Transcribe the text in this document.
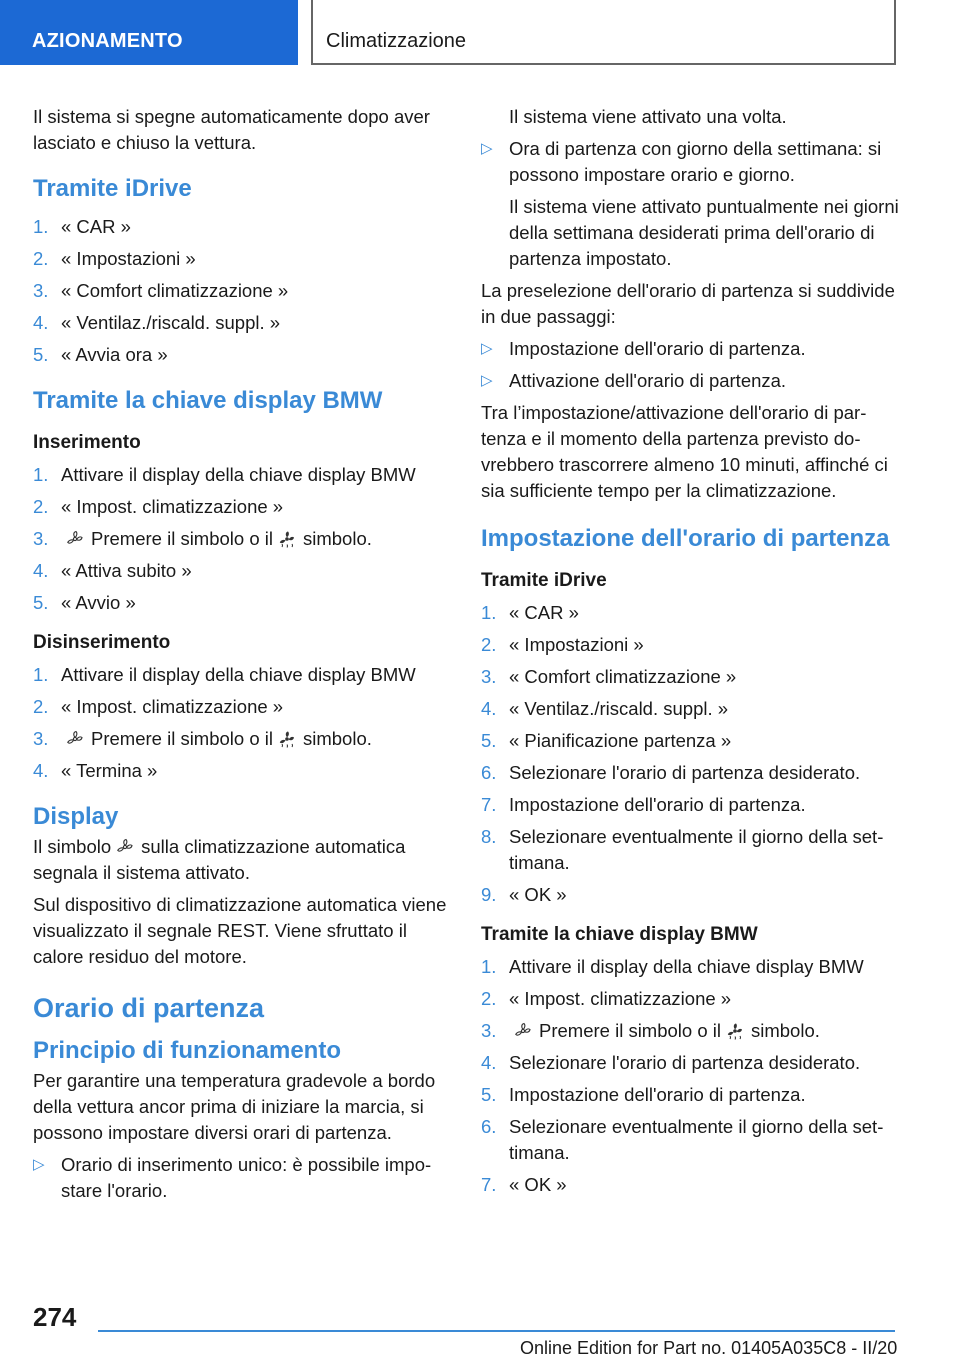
AZIONAMENTO	Climatizzazione

Il sistema si spegne automaticamente dopo aver lasciato e chiuso la vettura.

Tramite iDrive
1. « CAR »
2. « Impostazioni »
3. « Comfort climatizzazione »
4. « Ventilaz./riscald. suppl. »
5. « Avvia ora »
Tramite la chiave display BMW
Inserimento
1. Attivare il display della chiave display BMW
2. « Impost. climatizzazione »
3.	Premere il simbolo o il simbolo.
4. « Attiva subito »
5. « Avvio »
Disinserimento
1. Attivare il display della chiave display BMW
2. « Impost. climatizzazione »
3.	Premere il simbolo o il simbolo.
4. « Termina »
Display

Il simbolo sulla climatizzazione automatica segnala il sistema attivato.

Sul dispositivo di climatizzazione automatica viene visualizzato il segnale REST. Viene sfruttato il calore residuo del motore.

Orario di partenza
Principio di funzionamento

Per garantire una temperatura gradevole a bordo della vettura ancor prima di iniziare la marcia, si possono impostare diversi orari di partenza.

▷ Orario di inserimento unico: è possibile impostare l'orario.

Il sistema viene attivato una volta.

▷ Ora di partenza con giorno della settimana: si possono impostare orario e giorno.

Il sistema viene attivato puntualmente nei giorni della settimana desiderati prima dell'orario di partenza impostato.

La preselezione dell'orario di partenza si suddivide in due passaggi:

▷ Impostazione dell'orario di partenza.
▷ Attivazione dell'orario di partenza.

Tra l’impostazione/attivazione dell'orario di partenza e il momento della partenza previsto dovrebbero trascorrere almeno 10 minuti, affinché ci sia sufficiente tempo per la climatizzazione.

Impostazione dell'orario di partenza
Tramite iDrive
1. « CAR »
2. « Impostazioni »
3. « Comfort climatizzazione »
4. « Ventilaz./riscald. suppl. »
5. « Pianificazione partenza »
6. Selezionare l'orario di partenza desiderato.
7. Impostazione dell'orario di partenza.
8. Selezionare eventualmente il giorno della settimana.
9. « OK »
Tramite la chiave display BMW
1. Attivare il display della chiave display BMW
2. « Impost. climatizzazione »
3.	Premere il simbolo o il simbolo.
4. Selezionare l'orario di partenza desiderato.
5. Impostazione dell'orario di partenza.
6. Selezionare eventualmente il giorno della settimana.
7. « OK »
274
Online Edition for Part no. 01405A035C8 - II/20
